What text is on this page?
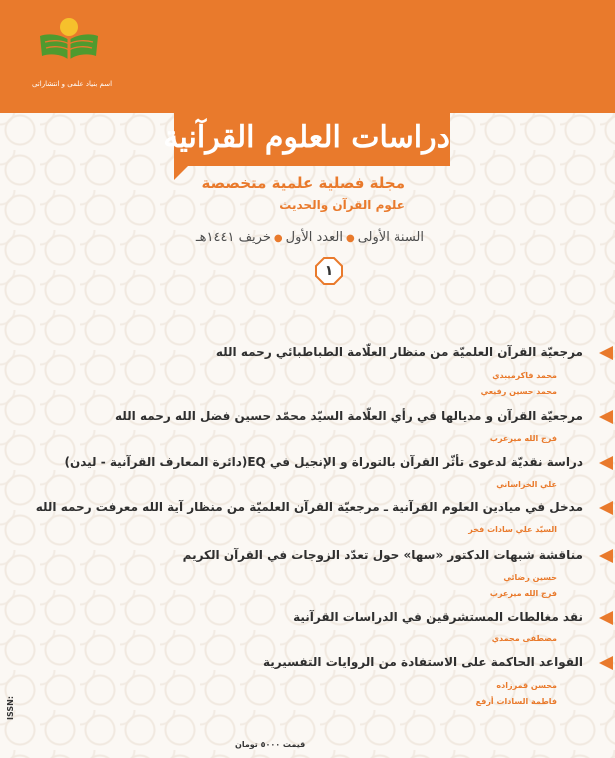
اسم بنیاد علمی و انتشاراتی
دراسات العلوم القرآنية
مجلة فصلية علمية متخصصة
علوم القرآن والحديث
السنة الأولى●العدد الأول●خريف ١٤٤١هـ
١
مرجعيّة القرآن العلميّة من منظار العلّامة الطباطبائي رحمه الله
محمد فاكرمیبدي
محمد حسين رفيعي
مرجعيّة القرآن و مديالها في رأي العلّامة السيّد محمّد حسين فضل الله رحمه الله
فرج الله میرعرب
دراسة نقديّة لدعوى تأثّر القرآن بالتوراة و الإنجيل في EQ(دائرة المعارف القرآنية - ليدن)
علي الخراساني
مدخل في ميادين العلوم القرآنية ـ مرجعيّة القرآن العلميّة من منظار آية الله معرفت رحمه الله
السيّد علي سادات فخر
مناقشة شبهات الدكتور «سها» حول تعدّد الزوجات في القرآن الكريم
حسين رضائي
فرج الله میرعرب
نقد مغالطات المستشرقين في الدراسات القرآنية
مصطفى محمدي
القواعد الحاكمة على الاستفادة من الروايات التفسيرية
محسن قمرزاده
فاطمة السادات أرفع
ISSN:
قیمت ٥٠٠٠ تومان
